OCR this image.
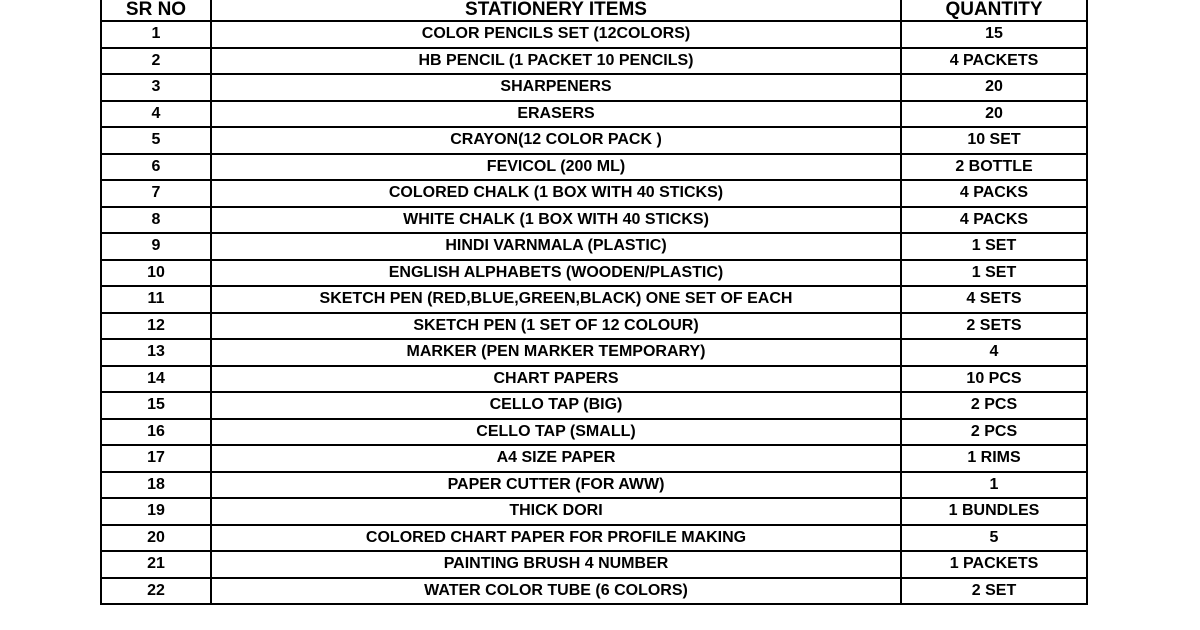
SR NO	STATIONERY ITEMS	QUANTITY
1	COLOR PENCILS SET (12COLORS)	15
2	HB PENCIL (1 PACKET 10 PENCILS)	4 PACKETS
3	SHARPENERS	20
4	ERASERS	20
5	CRAYON(12 COLOR PACK )	10 SET
6	FEVICOL (200 ML)	2 BOTTLE
7	COLORED CHALK (1 BOX WITH 40 STICKS)	4 PACKS
8	WHITE CHALK (1 BOX WITH 40 STICKS)	4 PACKS
9	HINDI VARNMALA (PLASTIC)	1 SET
10	ENGLISH ALPHABETS (WOODEN/PLASTIC)	1 SET
11	SKETCH PEN (RED,BLUE,GREEN,BLACK) ONE SET OF EACH	4 SETS
12	SKETCH PEN (1 SET OF 12 COLOUR)	2 SETS
13	MARKER (PEN MARKER TEMPORARY)	4
14	CHART PAPERS	10 PCS
15	CELLO TAP (BIG)	2 PCS
16	CELLO TAP (SMALL)	2 PCS
17	A4 SIZE PAPER	1 RIMS
18	PAPER CUTTER (FOR AWW)	1
19	THICK DORI	1 BUNDLES
20	COLORED CHART PAPER FOR PROFILE MAKING	5
21	PAINTING BRUSH 4 NUMBER	1 PACKETS
22	WATER COLOR TUBE (6 COLORS)	2 SET
